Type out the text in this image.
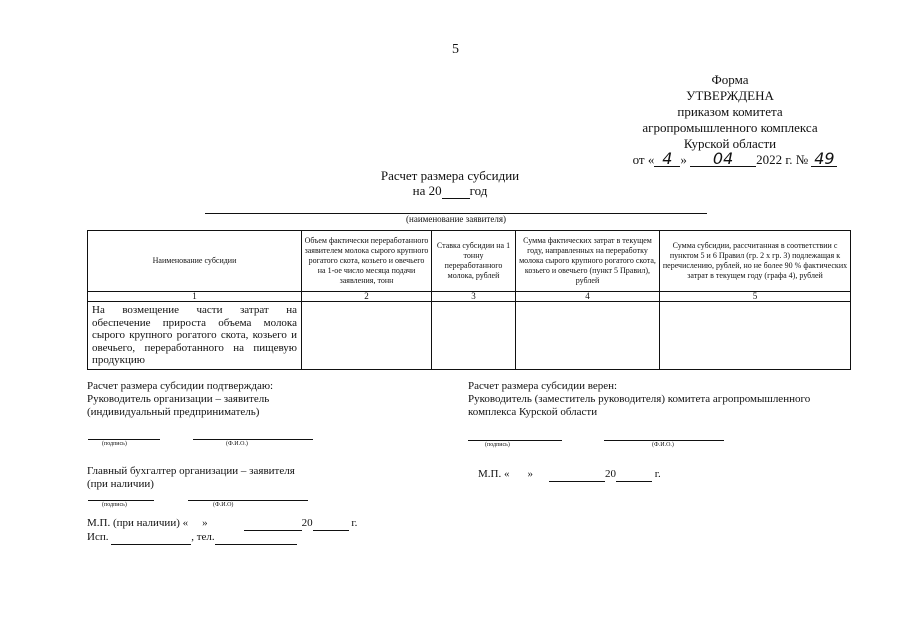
5
Форма
УТВЕРЖДЕНА
приказом комитета
агропромышленного комплекса
Курской области
от « 4 » 04 2022 г. № 49
Расчет размера субсидии
на 20 год
(наименование заявителя)
Наименование субсидии	Объем фактически переработанного заявителем молока сырого крупного рогатого скота, козьего и овечьего на 1-ое число месяца подачи заявления, тонн	Ставка субсидии на 1 тонну переработанного молока, рублей	Сумма фактических затрат в текущем году, направленных на переработку молока сырого крупного рогатого скота, козьего и овечьего (пункт 5 Правил), рублей	Сумма субсидии, рассчитанная в соответствии с пунктом 5 и 6 Правил (гр. 2 х гр. 3) подлежащая к перечислению, рублей, но не более 90 % фактических затрат в текущем году (графа 4), рублей
1	2	3	4	5
На возмещение части затрат на обеспечение прироста объема молока сырого крупного рогатого скота, козьего и овечьего, переработанного на пищевую продукцию				
Расчет размера субсидии подтверждаю:
Руководитель организации – заявитель
(индивидуальный предприниматель)
(подпись)	(Ф.И.О.)
Главный бухгалтер организации – заявителя
(при наличии)
(подпись)	(Ф.И.О)
М.П. (при наличии) « »	20	г.
Исп.	, тел.
Расчет размера субсидии верен:
Руководитель (заместитель руководителя) комитета агропромышленного
комплекса Курской области
(подпись)	(Ф.И.О.)
М.П. « »	20	г.
